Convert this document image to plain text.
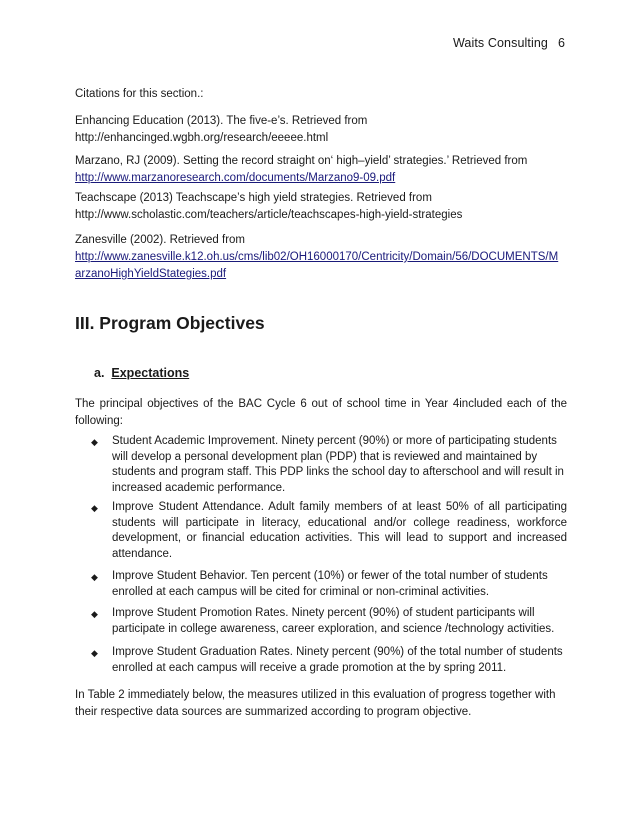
Waits Consulting 6

Citations for this section.:

Enhancing Education (2013). The five-e’s. Retrieved from
http://enhancinged.wgbh.org/research/eeeee.html

Marzano, RJ (2009). Setting the record straight on‘ high–yield’ strategies.’ Retrieved from
http://www.marzanoresearch.com/documents/Marzano9-09.pdf

Teachscape (2013) Teachscape’s high yield strategies. Retrieved from
http://www.scholastic.com/teachers/article/teachscapes-high-yield-strategies

Zanesville (2002). Retrieved from
http://www.zanesville.k12.oh.us/cms/lib02/OH16000170/Centricity/Domain/56/DOCUMENTS/M
arzanoHighYieldStategies.pdf

III. Program Objectives
a. Expectations

The principal objectives of the BAC Cycle 6 out of school time in Year 4included each of the following:

◆	Student Academic Improvement. Ninety percent (90%) or more of participating students will develop a personal development plan (PDP) that is reviewed and maintained by students and program staff. This PDP links the school day to afterschool and will result in increased academic performance.
◆	Improve Student Attendance. Adult family members of at least 50% of all participating students will participate in literacy, educational and/or college readiness, workforce development, or financial education activities. This will lead to support and increased attendance.
◆	Improve Student Behavior. Ten percent (10%) or fewer of the total number of students enrolled at each campus will be cited for criminal or non-criminal activities.
◆	Improve Student Promotion Rates. Ninety percent (90%) of student participants will participate in college awareness, career exploration, and science /technology activities.
◆	Improve Student Graduation Rates. Ninety percent (90%) of the total number of students enrolled at each campus will receive a grade promotion at the by spring 2011.

In Table 2 immediately below, the measures utilized in this evaluation of progress together with their respective data sources are summarized according to program objective.
